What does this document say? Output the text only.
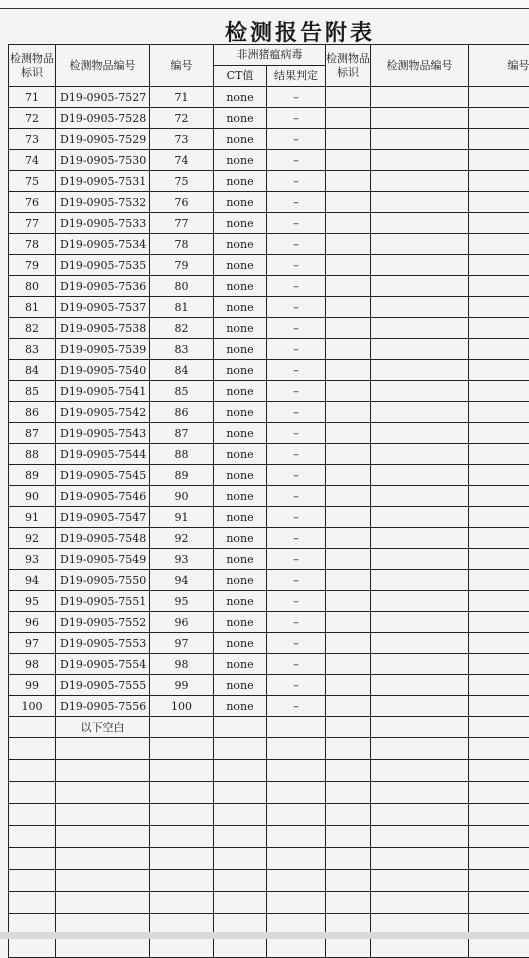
检测报告附表
检测物品标识	检测物品编号	编号	非洲猪瘟病毒		检测物品标识	检测物品编号	编号
			CT值	结果判定			
71	D19-0905-7527	71	none	–			
72	D19-0905-7528	72	none	–			
73	D19-0905-7529	73	none	–			
74	D19-0905-7530	74	none	–			
75	D19-0905-7531	75	none	–			
76	D19-0905-7532	76	none	–			
77	D19-0905-7533	77	none	–			
78	D19-0905-7534	78	none	–			
79	D19-0905-7535	79	none	–			
80	D19-0905-7536	80	none	–			
81	D19-0905-7537	81	none	–			
82	D19-0905-7538	82	none	–			
83	D19-0905-7539	83	none	–			
84	D19-0905-7540	84	none	–			
85	D19-0905-7541	85	none	–			
86	D19-0905-7542	86	none	–			
87	D19-0905-7543	87	none	–			
88	D19-0905-7544	88	none	–			
89	D19-0905-7545	89	none	–			
90	D19-0905-7546	90	none	–			
91	D19-0905-7547	91	none	–			
92	D19-0905-7548	92	none	–			
93	D19-0905-7549	93	none	–			
94	D19-0905-7550	94	none	–			
95	D19-0905-7551	95	none	–			
96	D19-0905-7552	96	none	–			
97	D19-0905-7553	97	none	–			
98	D19-0905-7554	98	none	–			
99	D19-0905-7555	99	none	–			
100	D19-0905-7556	100	none	–			
	以下空白						
